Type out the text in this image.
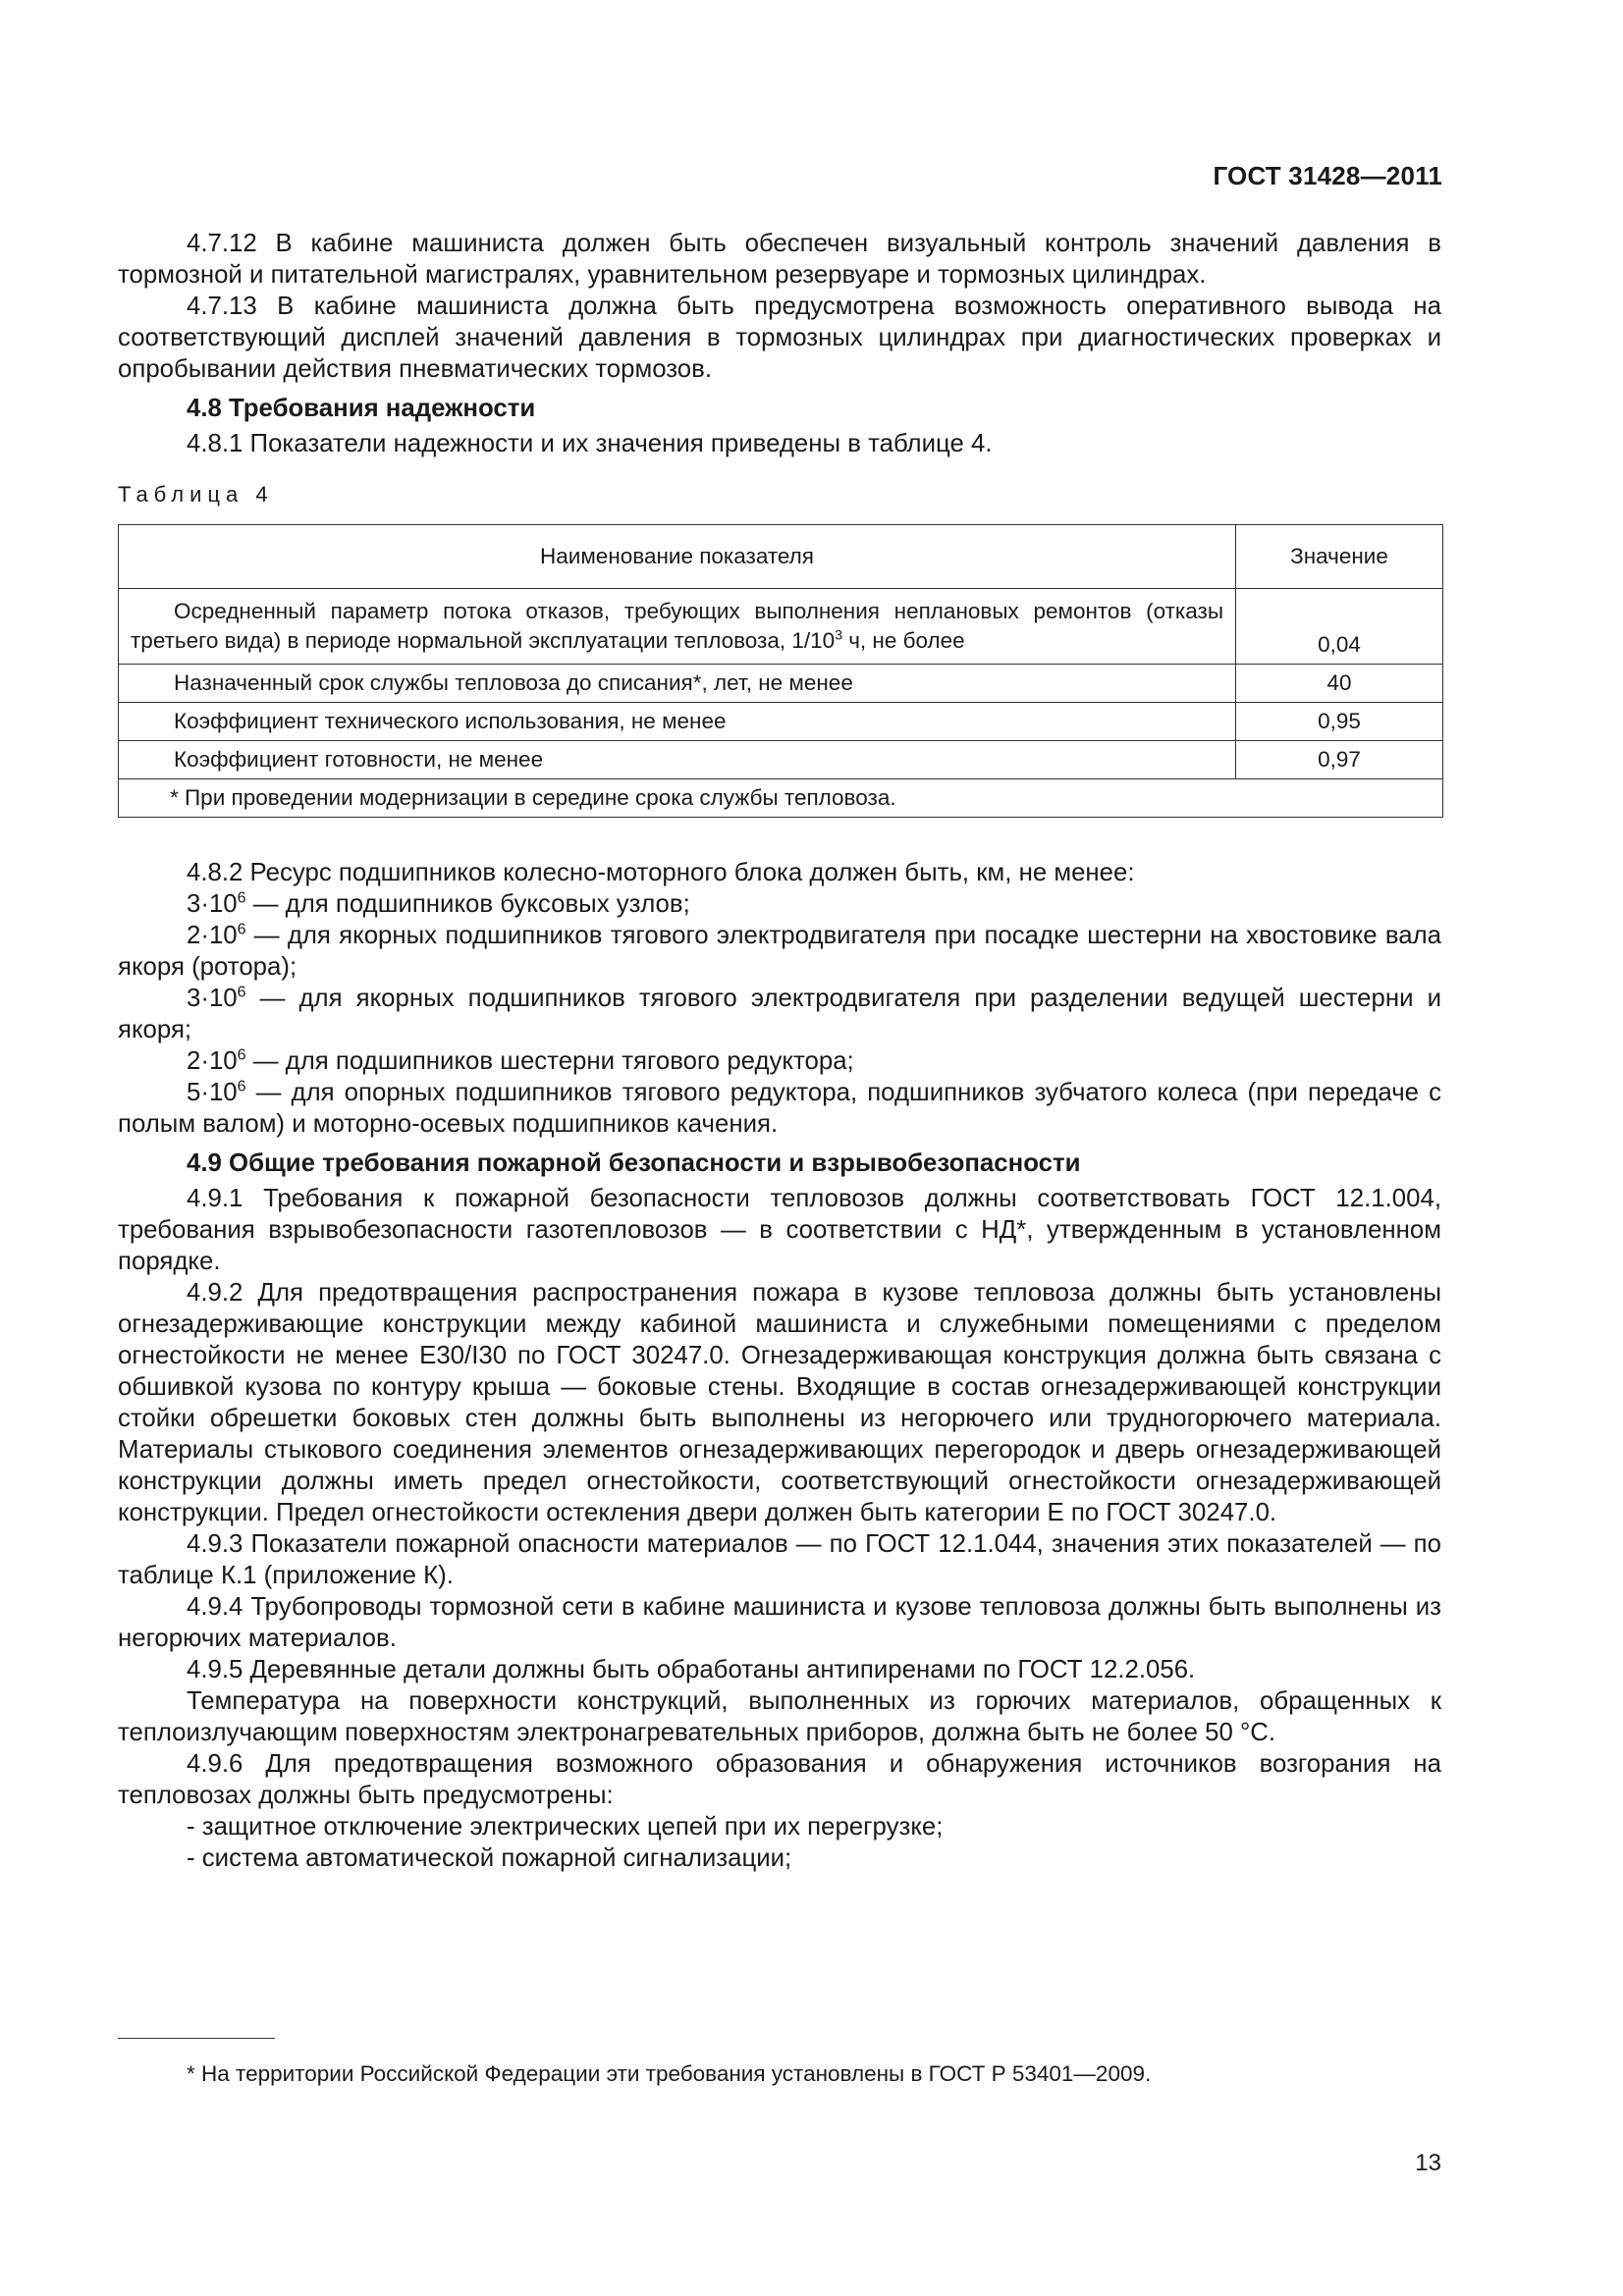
ГОСТ 31428—2011

4.7.12 В кабине машиниста должен быть обеспечен визуальный контроль значений давления в тормозной и питательной магистралях, уравнительном резервуаре и тормозных цилиндрах.

4.7.13 В кабине машиниста должна быть предусмотрена возможность оперативного вывода на соответствующий дисплей значений давления в тормозных цилиндрах при диагностических проверках и опробывании действия пневматических тормозов.

4.8 Требования надежности

4.8.1 Показатели надежности и их значения приведены в таблице 4.

Таблица 4
Наименование показателя	Значение
Осредненный параметр потока отказов, требующих выполнения неплановых ремонтов (отказы третьего вида) в периоде нормальной эксплуатации тепловоза, $1/10^3$ ч, не более	0,04
Назначенный срок службы тепловоза до списания*, лет, не менее	40
Коэффициент технического использования, не менее	0,95
Коэффициент готовности, не менее	0,97
* При проведении модернизации в середине срока службы тепловоза.	

4.8.2 Ресурс подшипников колесно-моторного блока должен быть, км, не менее:

$3\cdot 10^6$ — для подшипников буксовых узлов;

$2\cdot 10^6$ — для якорных подшипников тягового электродвигателя при посадке шестерни на хвостовике вала якоря (ротора);

$3\cdot 10^6$ — для якорных подшипников тягового электродвигателя при разделении ведущей шестерни и якоря;

$2\cdot 10^6$ — для подшипников шестерни тягового редуктора;

$5\cdot 10^6$ — для опорных подшипников тягового редуктора, подшипников зубчатого колеса (при передаче с полым валом) и моторно-осевых подшипников качения.

4.9 Общие требования пожарной безопасности и взрывобезопасности

4.9.1 Требования к пожарной безопасности тепловозов должны соответствовать ГОСТ 12.1.004, требования взрывобезопасности газотепловозов — в соответствии с НД*, утвержденным в установленном порядке.

4.9.2 Для предотвращения распространения пожара в кузове тепловоза должны быть установлены огнезадерживающие конструкции между кабиной машиниста и служебными помещениями с пределом огнестойкости не менее Е30/I30 по ГОСТ 30247.0. Огнезадерживающая конструкция должна быть связана с обшивкой кузова по контуру крыша — боковые стены. Входящие в состав огнезадерживающей конструкции стойки обрешетки боковых стен должны быть выполнены из негорючего или трудногорючего материала. Материалы стыкового соединения элементов огнезадерживающих перегородок и дверь огнезадерживающей конструкции должны иметь предел огнестойкости, соответствующий огнестойкости огнезадерживающей конструкции. Предел огнестойкости остекления двери должен быть категории Е по ГОСТ 30247.0.

4.9.3 Показатели пожарной опасности материалов — по ГОСТ 12.1.044, значения этих показателей — по таблице К.1 (приложение К).

4.9.4 Трубопроводы тормозной сети в кабине машиниста и кузове тепловоза должны быть выполнены из негорючих материалов.

4.9.5 Деревянные детали должны быть обработаны антипиренами по ГОСТ 12.2.056.

Температура на поверхности конструкций, выполненных из горючих материалов, обращенных к теплоизлучающим поверхностям электронагревательных приборов, должна быть не более 50 °С.

4.9.6 Для предотвращения возможного образования и обнаружения источников возгорания на тепловозах должны быть предусмотрены:

- защитное отключение электрических цепей при их перегрузке;
- система автоматической пожарной сигнализации;
* На территории Российской Федерации эти требования установлены в ГОСТ Р 53401—2009.
13
